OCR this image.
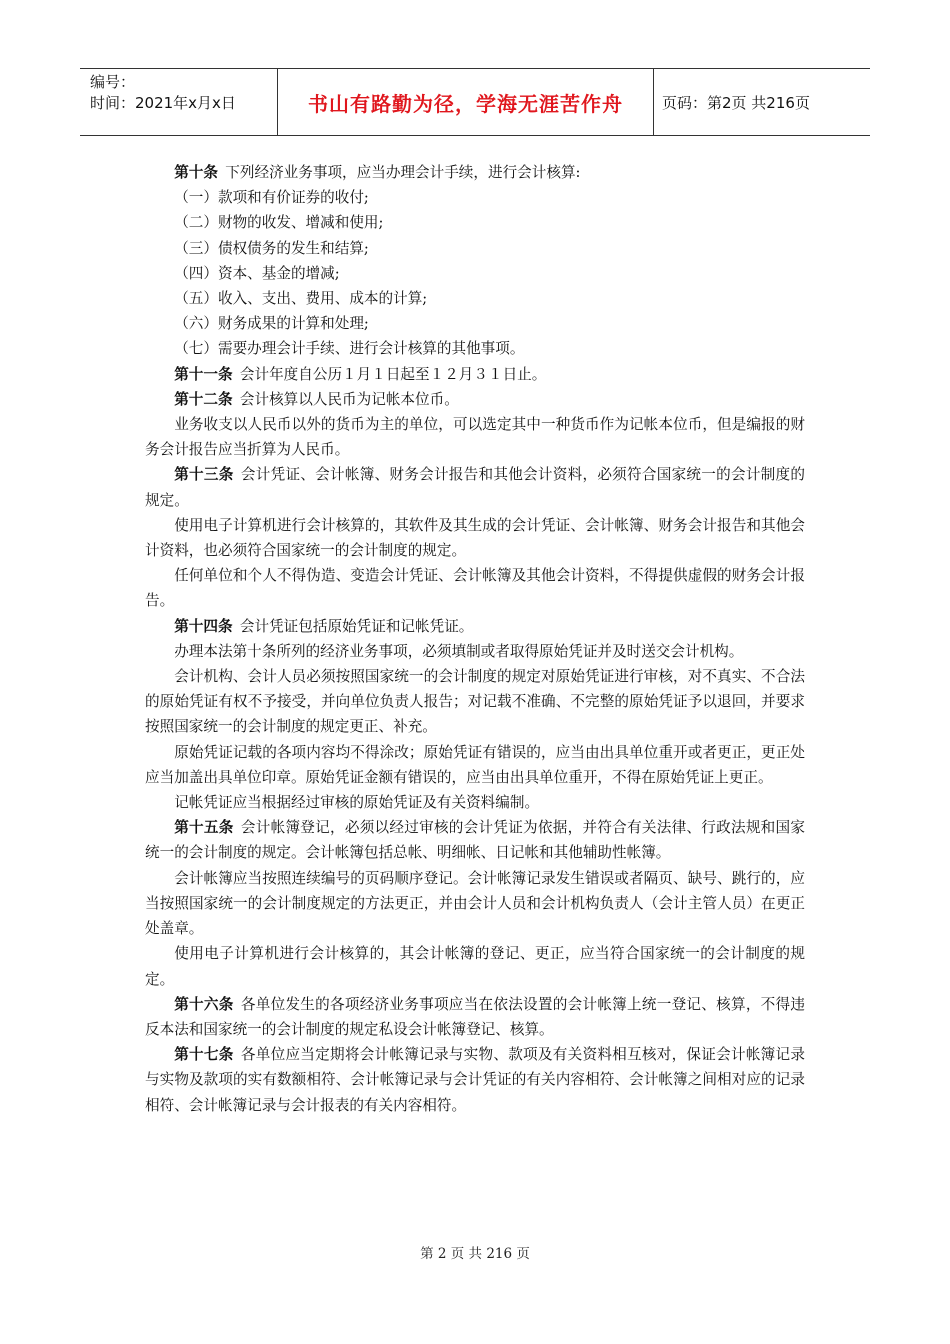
编号：
时间：2021年x月x日	书山有路勤为径，学海无涯苦作舟	页码：第2页 共216页

第十条 下列经济业务事项，应当办理会计手续，进行会计核算:

（一）款项和有价证券的收付;

（二）财物的收发、增减和使用;

（三）债权债务的发生和结算;

（四）资本、基金的增减;

（五）收入、支出、费用、成本的计算;

（六）财务成果的计算和处理;

（七）需要办理会计手续、进行会计核算的其他事项。

第十一条 会计年度自公历１月１日起至１２月３１日止。

第十二条 会计核算以人民币为记帐本位币。

业务收支以人民币以外的货币为主的单位，可以选定其中一种货币作为记帐本位币，但是编报的财务会计报告应当折算为人民币。

第十三条 会计凭证、会计帐簿、财务会计报告和其他会计资料，必须符合国家统一的会计制度的规定。

使用电子计算机进行会计核算的，其软件及其生成的会计凭证、会计帐簿、财务会计报告和其他会计资料，也必须符合国家统一的会计制度的规定。

任何单位和个人不得伪造、变造会计凭证、会计帐簿及其他会计资料，不得提供虚假的财务会计报告。

第十四条 会计凭证包括原始凭证和记帐凭证。

办理本法第十条所列的经济业务事项，必须填制或者取得原始凭证并及时送交会计机构。

会计机构、会计人员必须按照国家统一的会计制度的规定对原始凭证进行审核，对不真实、不合法的原始凭证有权不予接受，并向单位负责人报告；对记载不准确、不完整的原始凭证予以退回，并要求按照国家统一的会计制度的规定更正、补充。

原始凭证记载的各项内容均不得涂改；原始凭证有错误的，应当由出具单位重开或者更正，更正处应当加盖出具单位印章。原始凭证金额有错误的，应当由出具单位重开，不得在原始凭证上更正。

记帐凭证应当根据经过审核的原始凭证及有关资料编制。

第十五条 会计帐簿登记，必须以经过审核的会计凭证为依据，并符合有关法律、行政法规和国家统一的会计制度的规定。会计帐簿包括总帐、明细帐、日记帐和其他辅助性帐簿。

会计帐簿应当按照连续编号的页码顺序登记。会计帐簿记录发生错误或者隔页、缺号、跳行的，应当按照国家统一的会计制度规定的方法更正，并由会计人员和会计机构负责人（会计主管人员）在更正处盖章。

使用电子计算机进行会计核算的，其会计帐簿的登记、更正，应当符合国家统一的会计制度的规定。

第十六条 各单位发生的各项经济业务事项应当在依法设置的会计帐簿上统一登记、核算，不得违反本法和国家统一的会计制度的规定私设会计帐簿登记、核算。

第十七条 各单位应当定期将会计帐簿记录与实物、款项及有关资料相互核对，保证会计帐簿记录与实物及款项的实有数额相符、会计帐簿记录与会计凭证的有关内容相符、会计帐簿之间相对应的记录相符、会计帐簿记录与会计报表的有关内容相符。

第 2 页 共 216 页
